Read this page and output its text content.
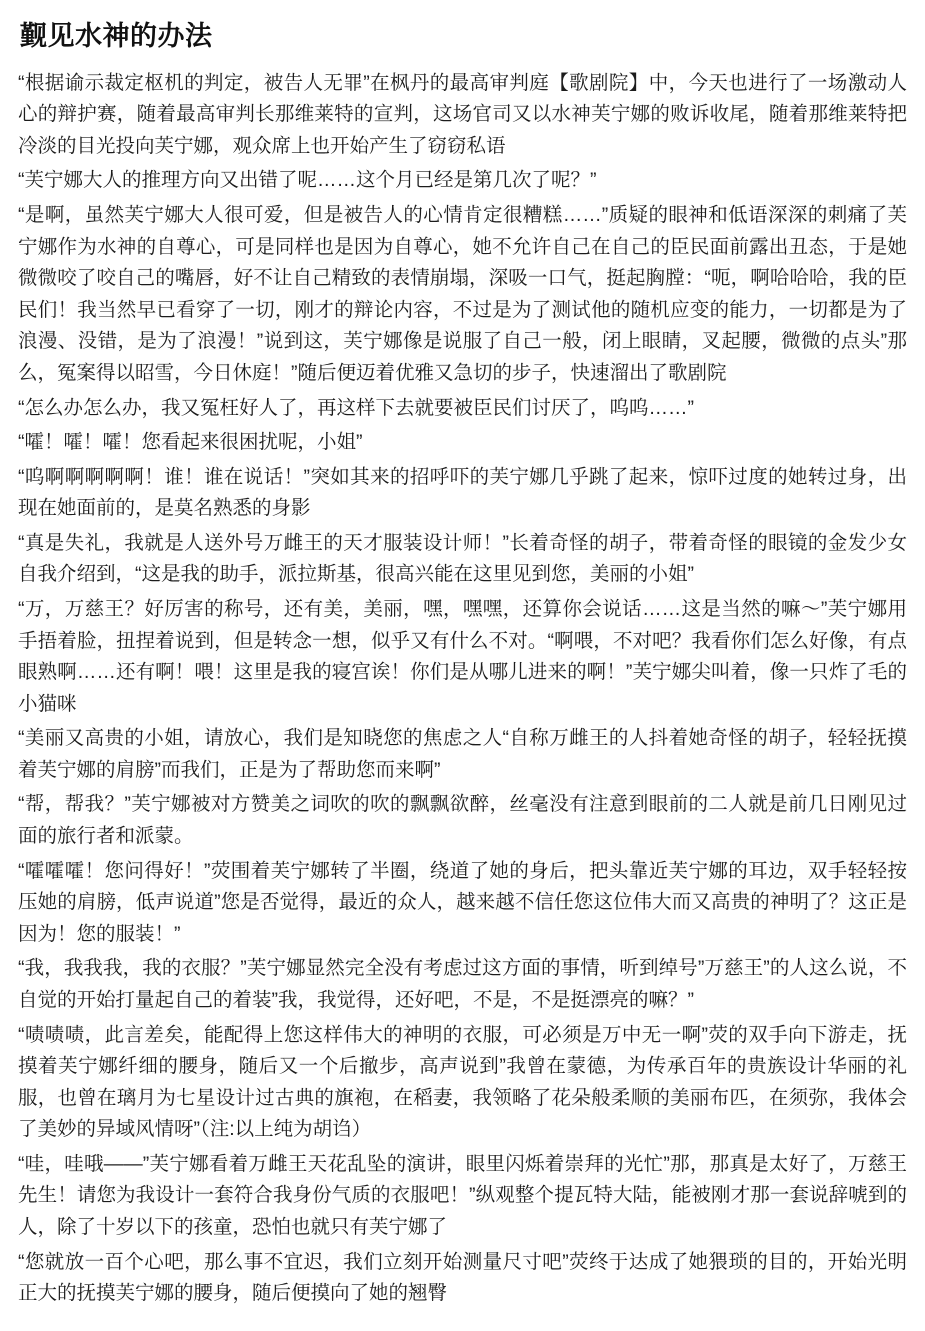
觐见水神的办法

“根据谕示裁定枢机的判定，被告人无罪”在枫丹的最高审判庭【歌剧院】中，今天也进行了一场激动人心的辩护赛，随着最高审判长那维莱特的宣判，这场官司又以水神芙宁娜的败诉收尾，随着那维莱特把冷淡的目光投向芙宁娜，观众席上也开始产生了窃窃私语

“芙宁娜大人的推理方向又出错了呢……这个月已经是第几次了呢？”

“是啊，虽然芙宁娜大人很可爱，但是被告人的心情肯定很糟糕……”质疑的眼神和低语深深的刺痛了芙宁娜作为水神的自尊心，可是同样也是因为自尊心，她不允许自己在自己的臣民面前露出丑态，于是她微微咬了咬自己的嘴唇，好不让自己精致的表情崩塌，深吸一口气，挺起胸膛：“呃，啊哈哈哈，我的臣民们！我当然早已看穿了一切，刚才的辩论内容，不过是为了测试他的随机应变的能力，一切都是为了浪漫、没错，是为了浪漫！”说到这，芙宁娜像是说服了自己一般，闭上眼睛，叉起腰，微微的点头”那么，冤案得以昭雪，今日休庭！”随后便迈着优雅又急切的步子，快速溜出了歌剧院

“怎么办怎么办，我又冤枉好人了，再这样下去就要被臣民们讨厌了，呜呜……”

“嚯！嚯！嚯！您看起来很困扰呢，小姐”

“呜啊啊啊啊啊！谁！谁在说话！”突如其来的招呼吓的芙宁娜几乎跳了起来，惊吓过度的她转过身，出现在她面前的，是莫名熟悉的身影

“真是失礼，我就是人送外号万雌王的天才服装设计师！”长着奇怪的胡子，带着奇怪的眼镜的金发少女自我介绍到，“这是我的助手，派拉斯基，很高兴能在这里见到您，美丽的小姐”

“万，万慈王？好厉害的称号，还有美，美丽，嘿，嘿嘿，还算你会说话……这是当然的嘛～”芙宁娜用手捂着脸，扭捏着说到，但是转念一想，似乎又有什么不对。“啊喂，不对吧？我看你们怎么好像，有点眼熟啊……还有啊！喂！这里是我的寝宫诶！你们是从哪儿进来的啊！”芙宁娜尖叫着，像一只炸了毛的小猫咪

“美丽又高贵的小姐，请放心，我们是知晓您的焦虑之人“自称万雌王的人抖着她奇怪的胡子，轻轻抚摸着芙宁娜的肩膀”而我们，正是为了帮助您而来啊”

“帮，帮我？”芙宁娜被对方赞美之词吹的吹的飘飘欲醉，丝毫没有注意到眼前的二人就是前几日刚见过面的旅行者和派蒙。

“嚯嚯嚯！您问得好！”荧围着芙宁娜转了半圈，绕道了她的身后，把头靠近芙宁娜的耳边，双手轻轻按压她的肩膀，低声说道”您是否觉得，最近的众人，越来越不信任您这位伟大而又高贵的神明了？这正是因为！您的服装！”

“我，我我我，我的衣服？”芙宁娜显然完全没有考虑过这方面的事情，听到绰号”万慈王”的人这么说，不自觉的开始打量起自己的着装”我，我觉得，还好吧，不是，不是挺漂亮的嘛？”

“啧啧啧，此言差矣，能配得上您这样伟大的神明的衣服，可必须是万中无一啊”荧的双手向下游走，抚摸着芙宁娜纤细的腰身，随后又一个后撤步，高声说到”我曾在蒙德，为传承百年的贵族设计华丽的礼服，也曾在璃月为七星设计过古典的旗袍，在稻妻，我领略了花朵般柔顺的美丽布匹，在须弥，我体会了美妙的异域风情呀”（注:以上纯为胡诌）

“哇，哇哦——”芙宁娜看着万雌王天花乱坠的演讲，眼里闪烁着崇拜的光忙”那，那真是太好了，万慈王先生！请您为我设计一套符合我身份气质的衣服吧！”纵观整个提瓦特大陆，能被刚才那一套说辞唬到的人，除了十岁以下的孩童，恐怕也就只有芙宁娜了

“您就放一百个心吧，那么事不宜迟，我们立刻开始测量尺寸吧”荧终于达成了她猥琐的目的，开始光明正大的抚摸芙宁娜的腰身，随后便摸向了她的翘臀
